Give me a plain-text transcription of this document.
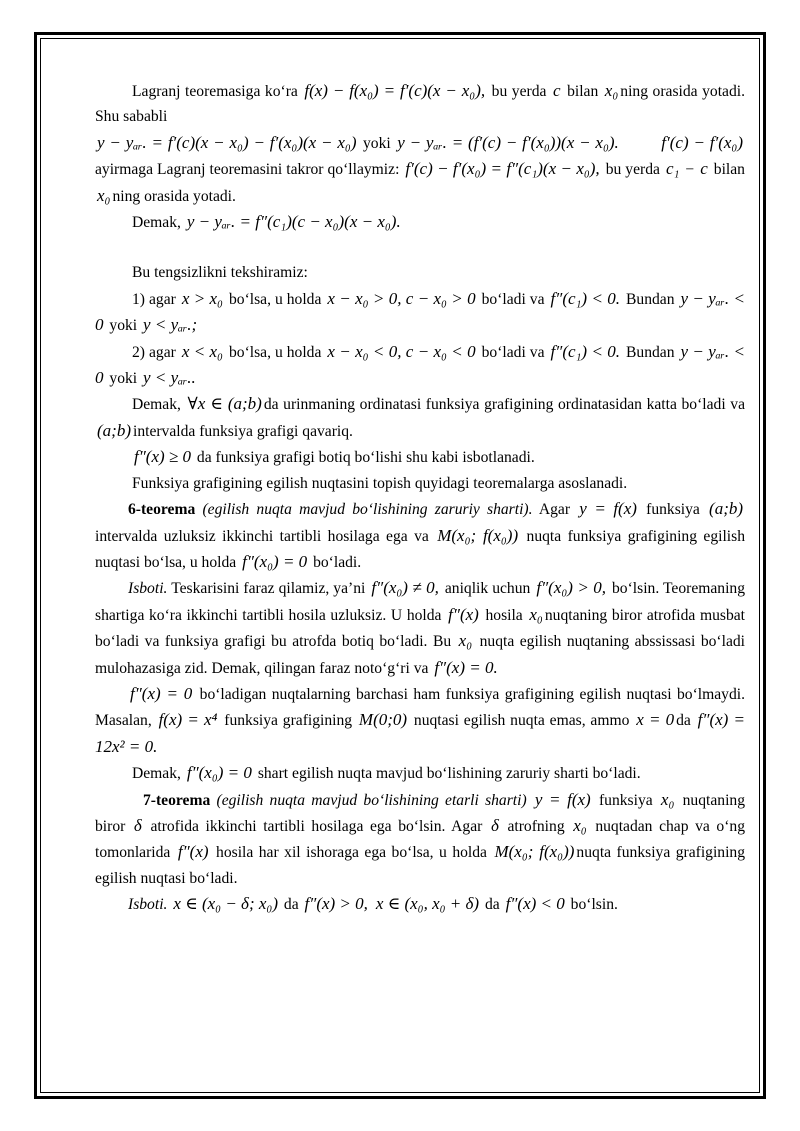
Lagranj teoremasiga ko‘ra f(x) − f(x₀) = f′(c)(x − x₀), bu yerda c bilan x₀ ning orasida yotadi. Shu sababli

y − yₐᵣ. = f′(c)(x − x₀) − f′(x₀)(x − x₀) yoki y − yₐᵣ. = (f′(c) − f′(x₀))(x − x₀).	f′(c) − f′(x₀) ayirmaga Lagranj teoremasini takror qo‘llaymiz: f′(c) − f′(x₀) = f″(c₁)(x − x₀), bu yerda c₁ − c bilan x₀ ning orasida yotadi.

Demak, y − yₐᵣ. = f″(c₁)(c − x₀)(x − x₀).

Bu tengsizlikni tekshiramiz:

1) agar x > x₀ bo‘lsa, u holda x − x₀ > 0, c − x₀ > 0 bo‘ladi va f″(c₁) < 0. Bundan y − yₐᵣ. < 0 yoki y < yₐᵣ.;

2) agar x < x₀ bo‘lsa, u holda x − x₀ < 0, c − x₀ < 0 bo‘ladi va f″(c₁) < 0. Bundan y − yₐᵣ. < 0 yoki y < yₐᵣ..

Demak, ∀x ∈ (a;b) da urinmaning ordinatasi funksiya grafigining ordinatasidan katta bo‘ladi va (a;b) intervalda funksiya grafigi qavariq.

f″(x) ≥ 0 da funksiya grafigi botiq bo‘lishi shu kabi isbotlanadi.

Funksiya grafigining egilish nuqtasini topish quyidagi teoremalarga asoslanadi.

6-teorema (egilish nuqta mavjud bo‘lishining zaruriy sharti). Agar y = f(x) funksiya (a;b) intervalda uzluksiz ikkinchi tartibli hosilaga ega va M(x₀; f(x₀)) nuqta funksiya grafigining egilish nuqtasi bo‘lsa, u holda f″(x₀) = 0 bo‘ladi.

Isboti. Teskarisini faraz qilamiz, ya’ni f″(x₀) ≠ 0, aniqlik uchun f″(x₀) > 0, bo‘lsin. Teoremaning shartiga ko‘ra ikkinchi tartibli hosila uzluksiz. U holda f″(x) hosila x₀ nuqtaning biror atrofida musbat bo‘ladi va funksiya grafigi bu atrofda botiq bo‘ladi. Bu x₀ nuqta egilish nuqtaning abssissasi bo‘ladi mulohazasiga zid. Demak, qilingan faraz noto‘g‘ri va f″(x) = 0.

f″(x) = 0 bo‘ladigan nuqtalarning barchasi ham funksiya grafigining egilish nuqtasi bo‘lmaydi. Masalan, f(x) = x⁴ funksiya grafigining M(0;0) nuqtasi egilish nuqta emas, ammo x = 0 da f″(x) = 12x² = 0.

Demak, f″(x₀) = 0 shart egilish nuqta mavjud bo‘lishining zaruriy sharti bo‘ladi.

7-teorema (egilish nuqta mavjud bo‘lishining etarli sharti) y = f(x) funksiya x₀ nuqtaning biror δ atrofida ikkinchi tartibli hosilaga ega bo‘lsin. Agar δ atrofning x₀ nuqtadan chap va o‘ng tomonlarida f″(x) hosila har xil ishoraga ega bo‘lsa, u holda M(x₀; f(x₀)) nuqta funksiya grafigining egilish nuqtasi bo‘ladi.

Isboti. x ∈ (x₀ − δ; x₀) da f″(x) > 0, x ∈ (x₀, x₀ + δ) da f″(x) < 0 bo‘lsin.
